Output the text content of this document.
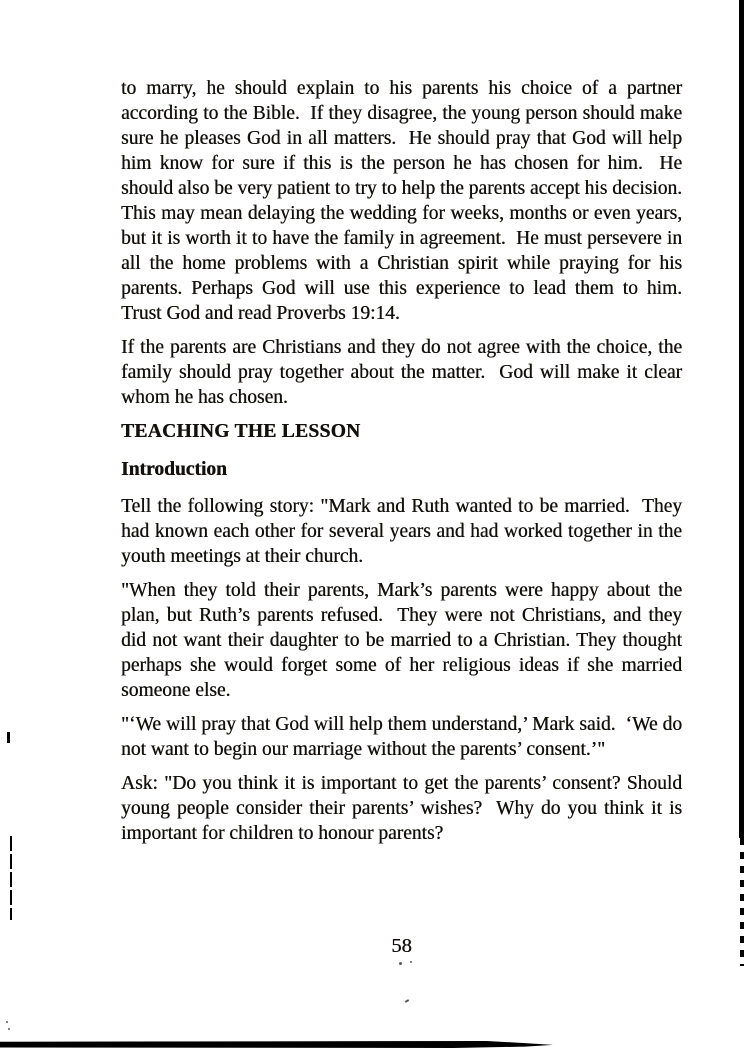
to marry, he should explain to his parents his choice of a partner according to the Bible.  If they disagree, the young person should make sure he pleases God in all matters.  He should pray that God will help him know for sure if this is the person he has chosen for him.  He should also be very patient to try to help the parents accept his decision.  This may mean delaying the wedding for weeks, months or even years, but it is worth it to have the family in agreement.  He must persevere in all the home problems with a Christian spirit while praying for his parents. Perhaps God will use this experience to lead them to him.  Trust God and read Proverbs 19:14.

If the parents are Christians and they do not agree with the choice, the family should pray together about the matter.  God will make it clear whom he has chosen.

TEACHING THE LESSON
Introduction

Tell the following story: "Mark and Ruth wanted to be married.  They had known each other for several years and had worked together in the youth meetings at their church.

"When they told their parents, Mark’s parents were happy about the plan, but Ruth’s parents refused.  They were not Christians, and they did not want their daughter to be married to a Christian. They thought perhaps she would forget some of her religious ideas if she married someone else.

"‘We will pray that God will help them understand,’ Mark said.  ‘We do not want to begin our marriage without the parents’ consent.’"

Ask: "Do you think it is important to get the parents’ consent? Should young people consider their parents’ wishes?  Why do you think it is important for children to honour parents?

58
